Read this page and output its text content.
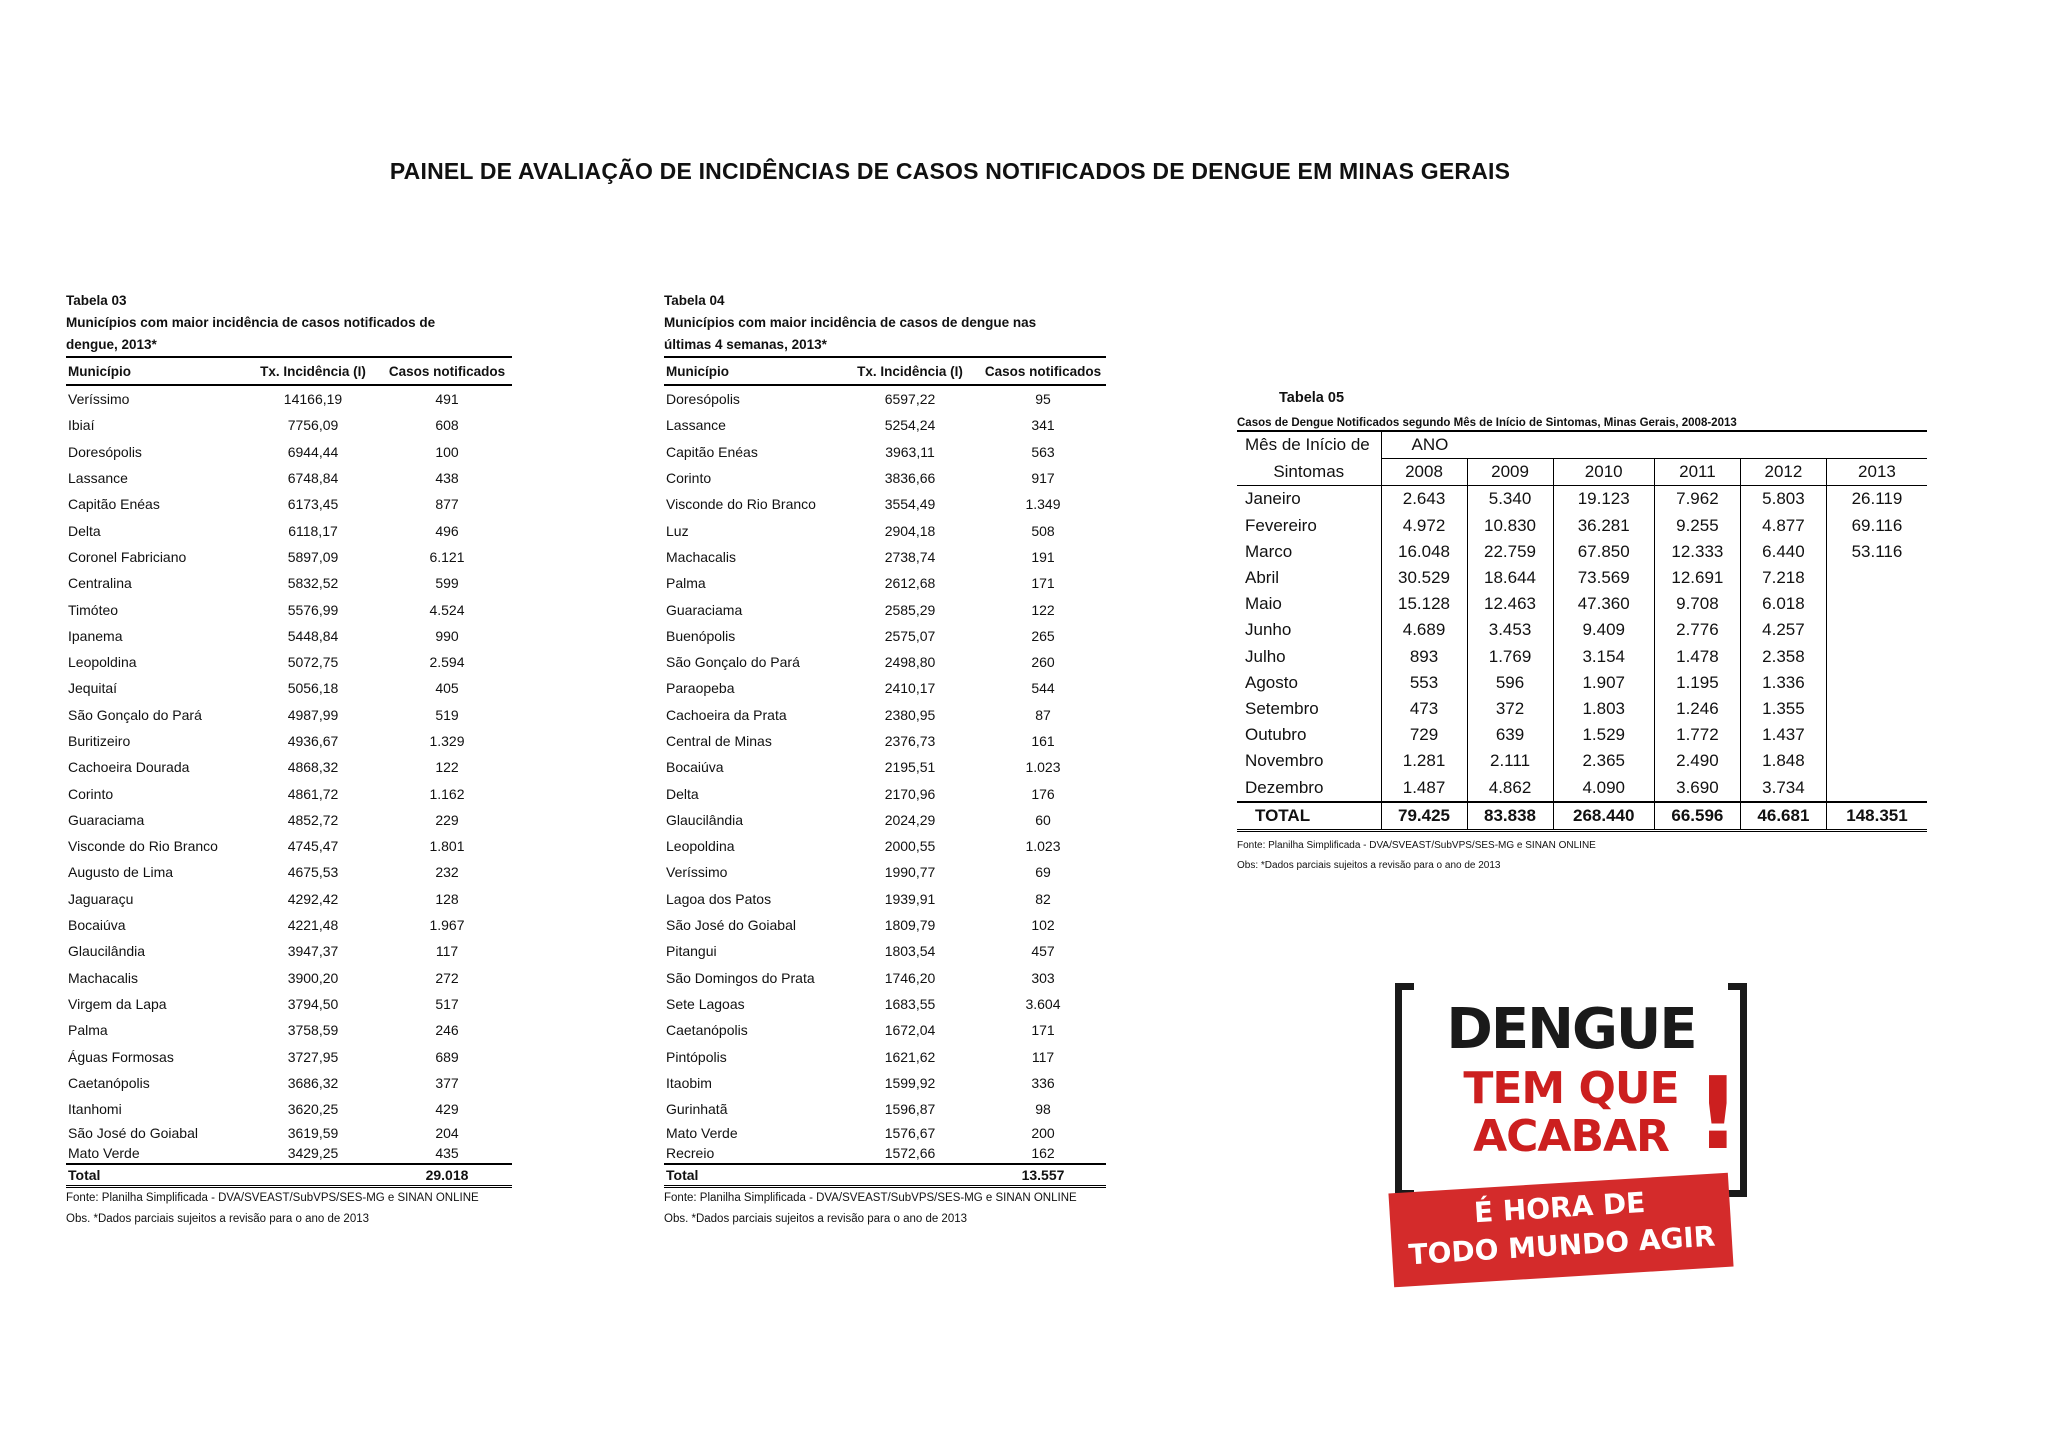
PAINEL DE AVALIAÇÃO DE INCIDÊNCIAS DE CASOS NOTIFICADOS DE DENGUE EM MINAS GERAIS
Tabela 03
Municípios com maior incidência de casos notificados de
dengue, 2013*
Município	Tx. Incidência (I)	Casos notificados
Veríssimo	14166,19	491
Ibiaí	7756,09	608
Doresópolis	6944,44	100
Lassance	6748,84	438
Capitão Enéas	6173,45	877
Delta	6118,17	496
Coronel Fabriciano	5897,09	6.121
Centralina	5832,52	599
Timóteo	5576,99	4.524
Ipanema	5448,84	990
Leopoldina	5072,75	2.594
Jequitaí	5056,18	405
São Gonçalo do Pará	4987,99	519
Buritizeiro	4936,67	1.329
Cachoeira Dourada	4868,32	122
Corinto	4861,72	1.162
Guaraciama	4852,72	229
Visconde do Rio Branco	4745,47	1.801
Augusto de Lima	4675,53	232
Jaguaraçu	4292,42	128
Bocaiúva	4221,48	1.967
Glaucilândia	3947,37	117
Machacalis	3900,20	272
Virgem da Lapa	3794,50	517
Palma	3758,59	246
Águas Formosas	3727,95	689
Caetanópolis	3686,32	377
Itanhomi	3620,25	429
São José do Goiabal	3619,59	204
Mato Verde	3429,25	435
Total		29.018
Fonte: Planilha Simplificada - DVA/SVEAST/SubVPS/SES-MG e SINAN ONLINE
Obs. *Dados parciais sujeitos a revisão para o ano de 2013
Tabela 04
Municípios com maior incidência de casos de dengue nas
últimas 4 semanas, 2013*
Município	Tx. Incidência (I)	Casos notificados
Doresópolis	6597,22	95
Lassance	5254,24	341
Capitão Enéas	3963,11	563
Corinto	3836,66	917
Visconde do Rio Branco	3554,49	1.349
Luz	2904,18	508
Machacalis	2738,74	191
Palma	2612,68	171
Guaraciama	2585,29	122
Buenópolis	2575,07	265
São Gonçalo do Pará	2498,80	260
Paraopeba	2410,17	544
Cachoeira da Prata	2380,95	87
Central de Minas	2376,73	161
Bocaiúva	2195,51	1.023
Delta	2170,96	176
Glaucilândia	2024,29	60
Leopoldina	2000,55	1.023
Veríssimo	1990,77	69
Lagoa dos Patos	1939,91	82
São José do Goiabal	1809,79	102
Pitangui	1803,54	457
São Domingos do Prata	1746,20	303
Sete Lagoas	1683,55	3.604
Caetanópolis	1672,04	171
Pintópolis	1621,62	117
Itaobim	1599,92	336
Gurinhatã	1596,87	98
Mato Verde	1576,67	200
Recreio	1572,66	162
Total		13.557
Fonte: Planilha Simplificada - DVA/SVEAST/SubVPS/SES-MG e SINAN ONLINE
Obs. *Dados parciais sujeitos a revisão para o ano de 2013
Tabela 05
Casos de Dengue Notificados segundo Mês de Início de Sintomas, Minas Gerais, 2008-2013
Mês de Início de	ANO					
Sintomas	2008	2009	2010	2011	2012	2013
Janeiro	2.643	5.340	19.123	7.962	5.803	26.119
Fevereiro	4.972	10.830	36.281	9.255	4.877	69.116
Marco	16.048	22.759	67.850	12.333	6.440	53.116
Abril	30.529	18.644	73.569	12.691	7.218	
Maio	15.128	12.463	47.360	9.708	6.018	
Junho	4.689	3.453	9.409	2.776	4.257	
Julho	893	1.769	3.154	1.478	2.358	
Agosto	553	596	1.907	1.195	1.336	
Setembro	473	372	1.803	1.246	1.355	
Outubro	729	639	1.529	1.772	1.437	
Novembro	1.281	2.111	2.365	2.490	1.848	
Dezembro	1.487	4.862	4.090	3.690	3.734	
TOTAL	79.425	83.838	268.440	66.596	46.681	148.351
Fonte: Planilha Simplificada - DVA/SVEAST/SubVPS/SES-MG e SINAN ONLINE
Obs: *Dados parciais sujeitos a revisão para o ano de 2013
DENGUE
TEM QUE
ACABAR !
É HORA DE
TODO MUNDO AGIR
